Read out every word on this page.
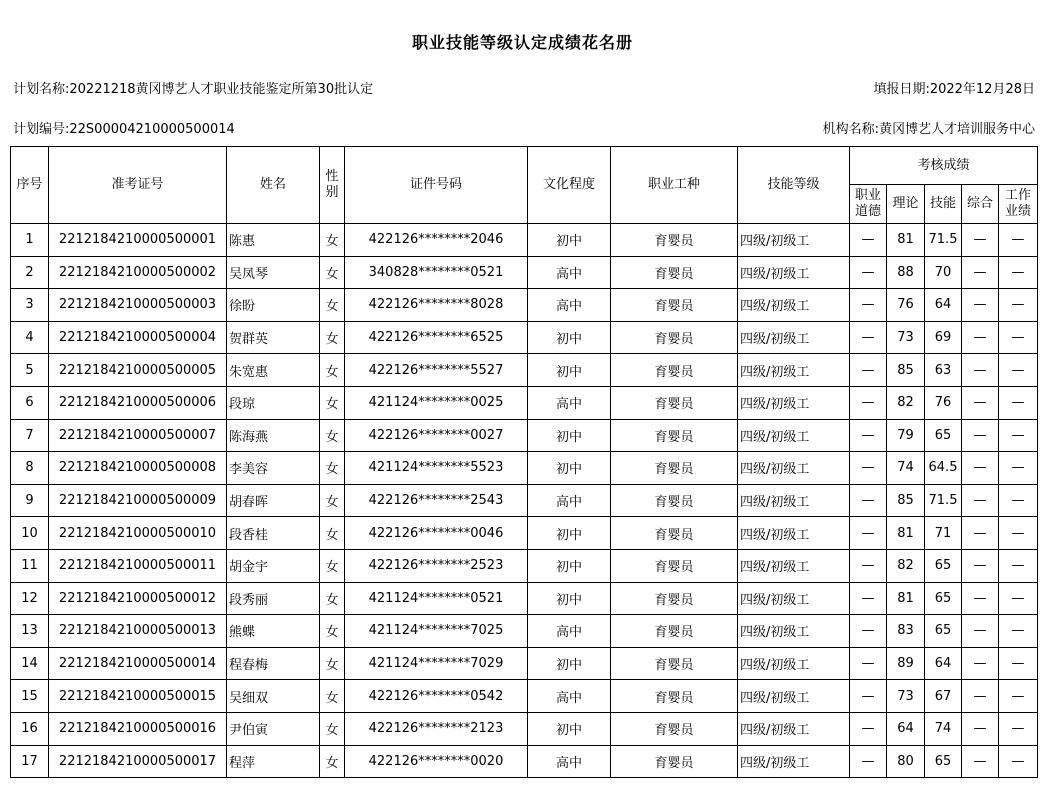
职业技能等级认定成绩花名册
计划名称:20221218黄冈博艺人才职业技能鉴定所第30批认定	填报日期:2022年12月28日
计划编号:22S00004210000500014	机构名称:黄冈博艺人才培训服务中心
序号	准考证号	姓名	性别	证件号码	文化程度	职业工种	技能等级	考核成绩				
								职业道德	理论	技能	综合	工作业绩
1	2212184210000500001	陈惠	女	422126********2046	初中	育婴员	四级/初级工	—	81	71.5	—	—
2	2212184210000500002	吴凤琴	女	340828********0521	高中	育婴员	四级/初级工	—	88	70	—	—
3	2212184210000500003	徐盼	女	422126********8028	高中	育婴员	四级/初级工	—	76	64	—	—
4	2212184210000500004	贺群英	女	422126********6525	初中	育婴员	四级/初级工	—	73	69	—	—
5	2212184210000500005	朱宽惠	女	422126********5527	初中	育婴员	四级/初级工	—	85	63	—	—
6	2212184210000500006	段琼	女	421124********0025	高中	育婴员	四级/初级工	—	82	76	—	—
7	2212184210000500007	陈海燕	女	422126********0027	初中	育婴员	四级/初级工	—	79	65	—	—
8	2212184210000500008	李美容	女	421124********5523	初中	育婴员	四级/初级工	—	74	64.5	—	—
9	2212184210000500009	胡春晖	女	422126********2543	高中	育婴员	四级/初级工	—	85	71.5	—	—
10	2212184210000500010	段香桂	女	422126********0046	初中	育婴员	四级/初级工	—	81	71	—	—
11	2212184210000500011	胡金宇	女	422126********2523	初中	育婴员	四级/初级工	—	82	65	—	—
12	2212184210000500012	段秀丽	女	421124********0521	初中	育婴员	四级/初级工	—	81	65	—	—
13	2212184210000500013	熊蝶	女	421124********7025	高中	育婴员	四级/初级工	—	83	65	—	—
14	2212184210000500014	程春梅	女	421124********7029	初中	育婴员	四级/初级工	—	89	64	—	—
15	2212184210000500015	吴细双	女	422126********0542	高中	育婴员	四级/初级工	—	73	67	—	—
16	2212184210000500016	尹伯寅	女	422126********2123	初中	育婴员	四级/初级工	—	64	74	—	—
17	2212184210000500017	程萍	女	422126********0020	高中	育婴员	四级/初级工	—	80	65	—	—
